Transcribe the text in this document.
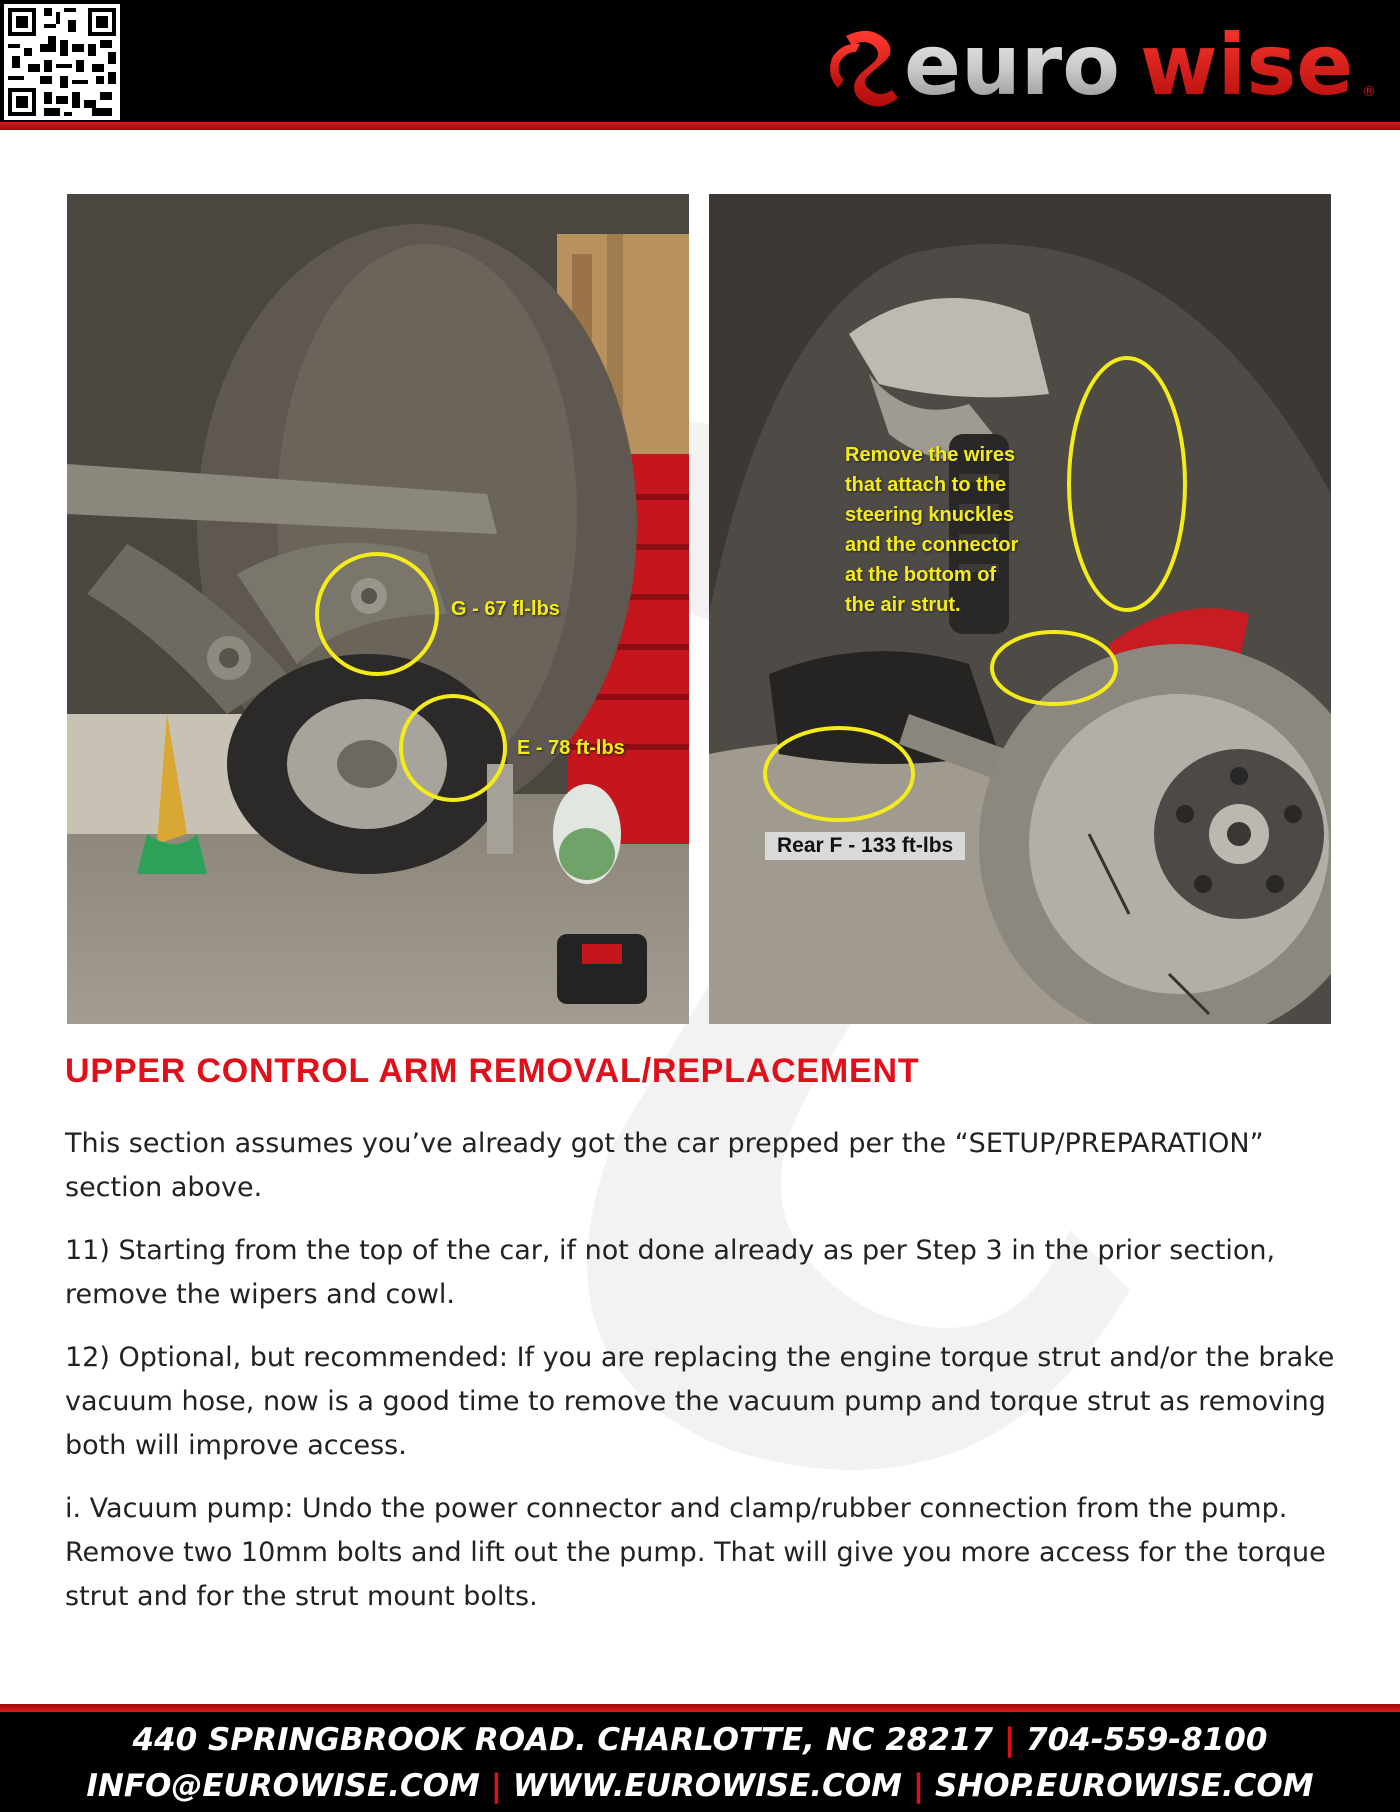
euro wise ®
G - 67 fl-lbs
E - 78 ft-lbs
Remove the wires
that attach to the
steering knuckles
and the connector
at the bottom of
the air strut.
Rear F - 133 ft-lbs
UPPER CONTROL ARM REMOVAL/REPLACEMENT

This section assumes you’ve already got the car prepped per the “SETUP/PREPARATION” section above.

11) Starting from the top of the car, if not done already as per Step 3 in the prior section, remove the wipers and cowl.

12) Optional, but recommended: If you are replacing the engine torque strut and/or the brake vacuum hose, now is a good time to remove the vacuum pump and torque strut as removing both will improve access.

i. Vacuum pump: Undo the power connector and clamp/rubber connection from the pump. Remove two 10mm bolts and lift out the pump. That will give you more access for the torque strut and for the strut mount bolts.

440 SPRINGBROOK ROAD. CHARLOTTE, NC 28217 | 704-559-8100
INFO@EUROWISE.COM | WWW.EUROWISE.COM | SHOP.EUROWISE.COM
